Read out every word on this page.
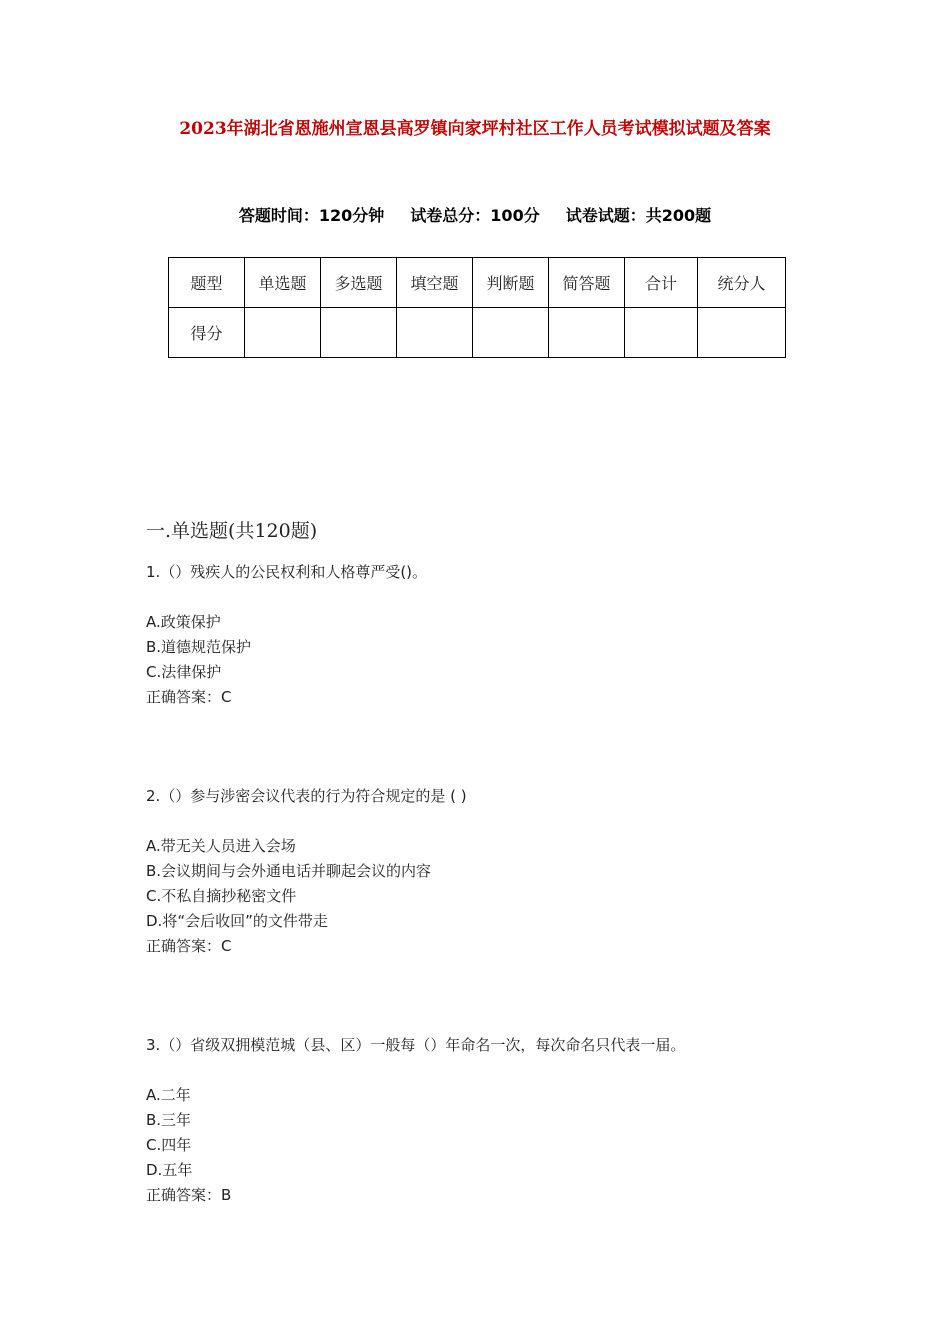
2023年湖北省恩施州宣恩县高罗镇向家坪村社区工作人员考试模拟试题及答案
答题时间：120分钟 试卷总分：100分 试卷试题：共200题
题型	单选题	多选题	填空题	判断题	简答题	合计	统分人
得分							
一.单选题(共120题)
1.（）残疾人的公民权利和人格尊严受()。
A.政策保护
B.道德规范保护
C.法律保护
正确答案：C
2.（）参与涉密会议代表的行为符合规定的是 ( )
A.带无关人员进入会场
B.会议期间与会外通电话并聊起会议的内容
C.不私自摘抄秘密文件
D.将“会后收回”的文件带走
正确答案：C
3.（）省级双拥模范城（县、区）一般每（）年命名一次，每次命名只代表一届。
A.二年
B.三年
C.四年
D.五年
正确答案：B
